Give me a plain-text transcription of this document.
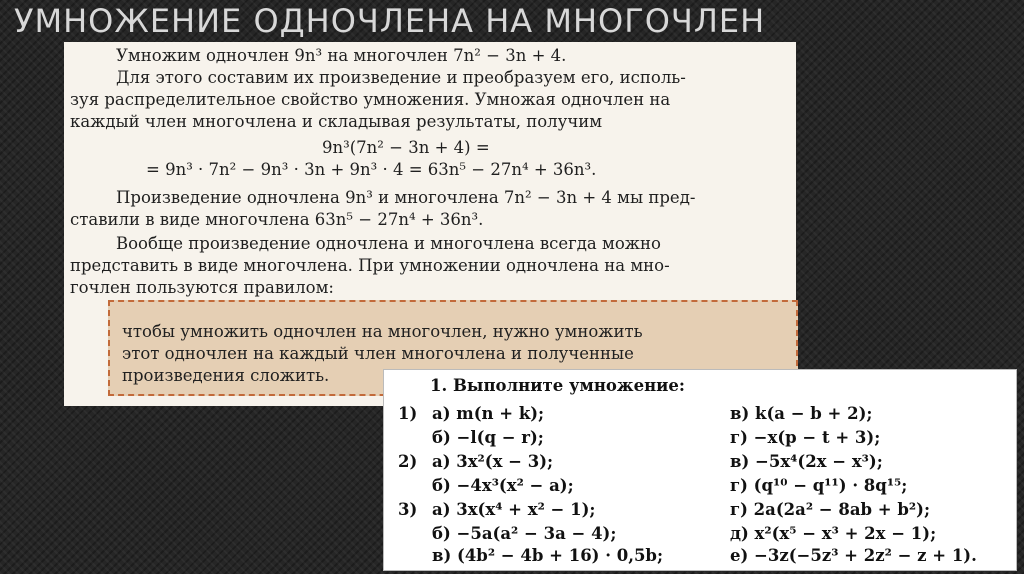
УМНОЖЕНИЕ ОДНОЧЛЕНА НА МНОГОЧЛЕН
Умножим одночлен 9n³ на многочлен 7n² − 3n + 4.
Для этого составим их произведение и преобразуем его, исполь-
зуя распределительное свойство умножения. Умножая одночлен на
каждый член многочлена и складывая результаты, получим
9n³(7n² − 3n + 4) =
= 9n³ · 7n² − 9n³ · 3n + 9n³ · 4 = 63n⁵ − 27n⁴ + 36n³.
Произведение одночлена 9n³ и многочлена 7n² − 3n + 4 мы пред-
ставили в виде многочлена 63n⁵ − 27n⁴ + 36n³.
Вообще произведение одночлена и многочлена всегда можно
представить в виде многочлена. При умножении одночлена на мно-
гочлен пользуются правилом:
чтобы умножить одночлен на многочлен, нужно умножить
этот одночлен на каждый член многочлена и полученные
произведения сложить.
1. Выполните умножение:
1)
2)
3)
а) m(n + k);
б) −l(q − r);
а) 3x²(x − 3);
б) −4x³(x² − a);
а) 3x(x⁴ + x² − 1);
б) −5a(a² − 3a − 4);
в) (4b² − 4b + 16) · 0,5b;
в) k(a − b + 2);
г) −x(p − t + 3);
в) −5x⁴(2x − x³);
г) (q¹⁰ − q¹¹) · 8q¹⁵;
г) 2a(2a² − 8ab + b²);
д) x²(x⁵ − x³ + 2x − 1);
е) −3z(−5z³ + 2z² − z + 1).
